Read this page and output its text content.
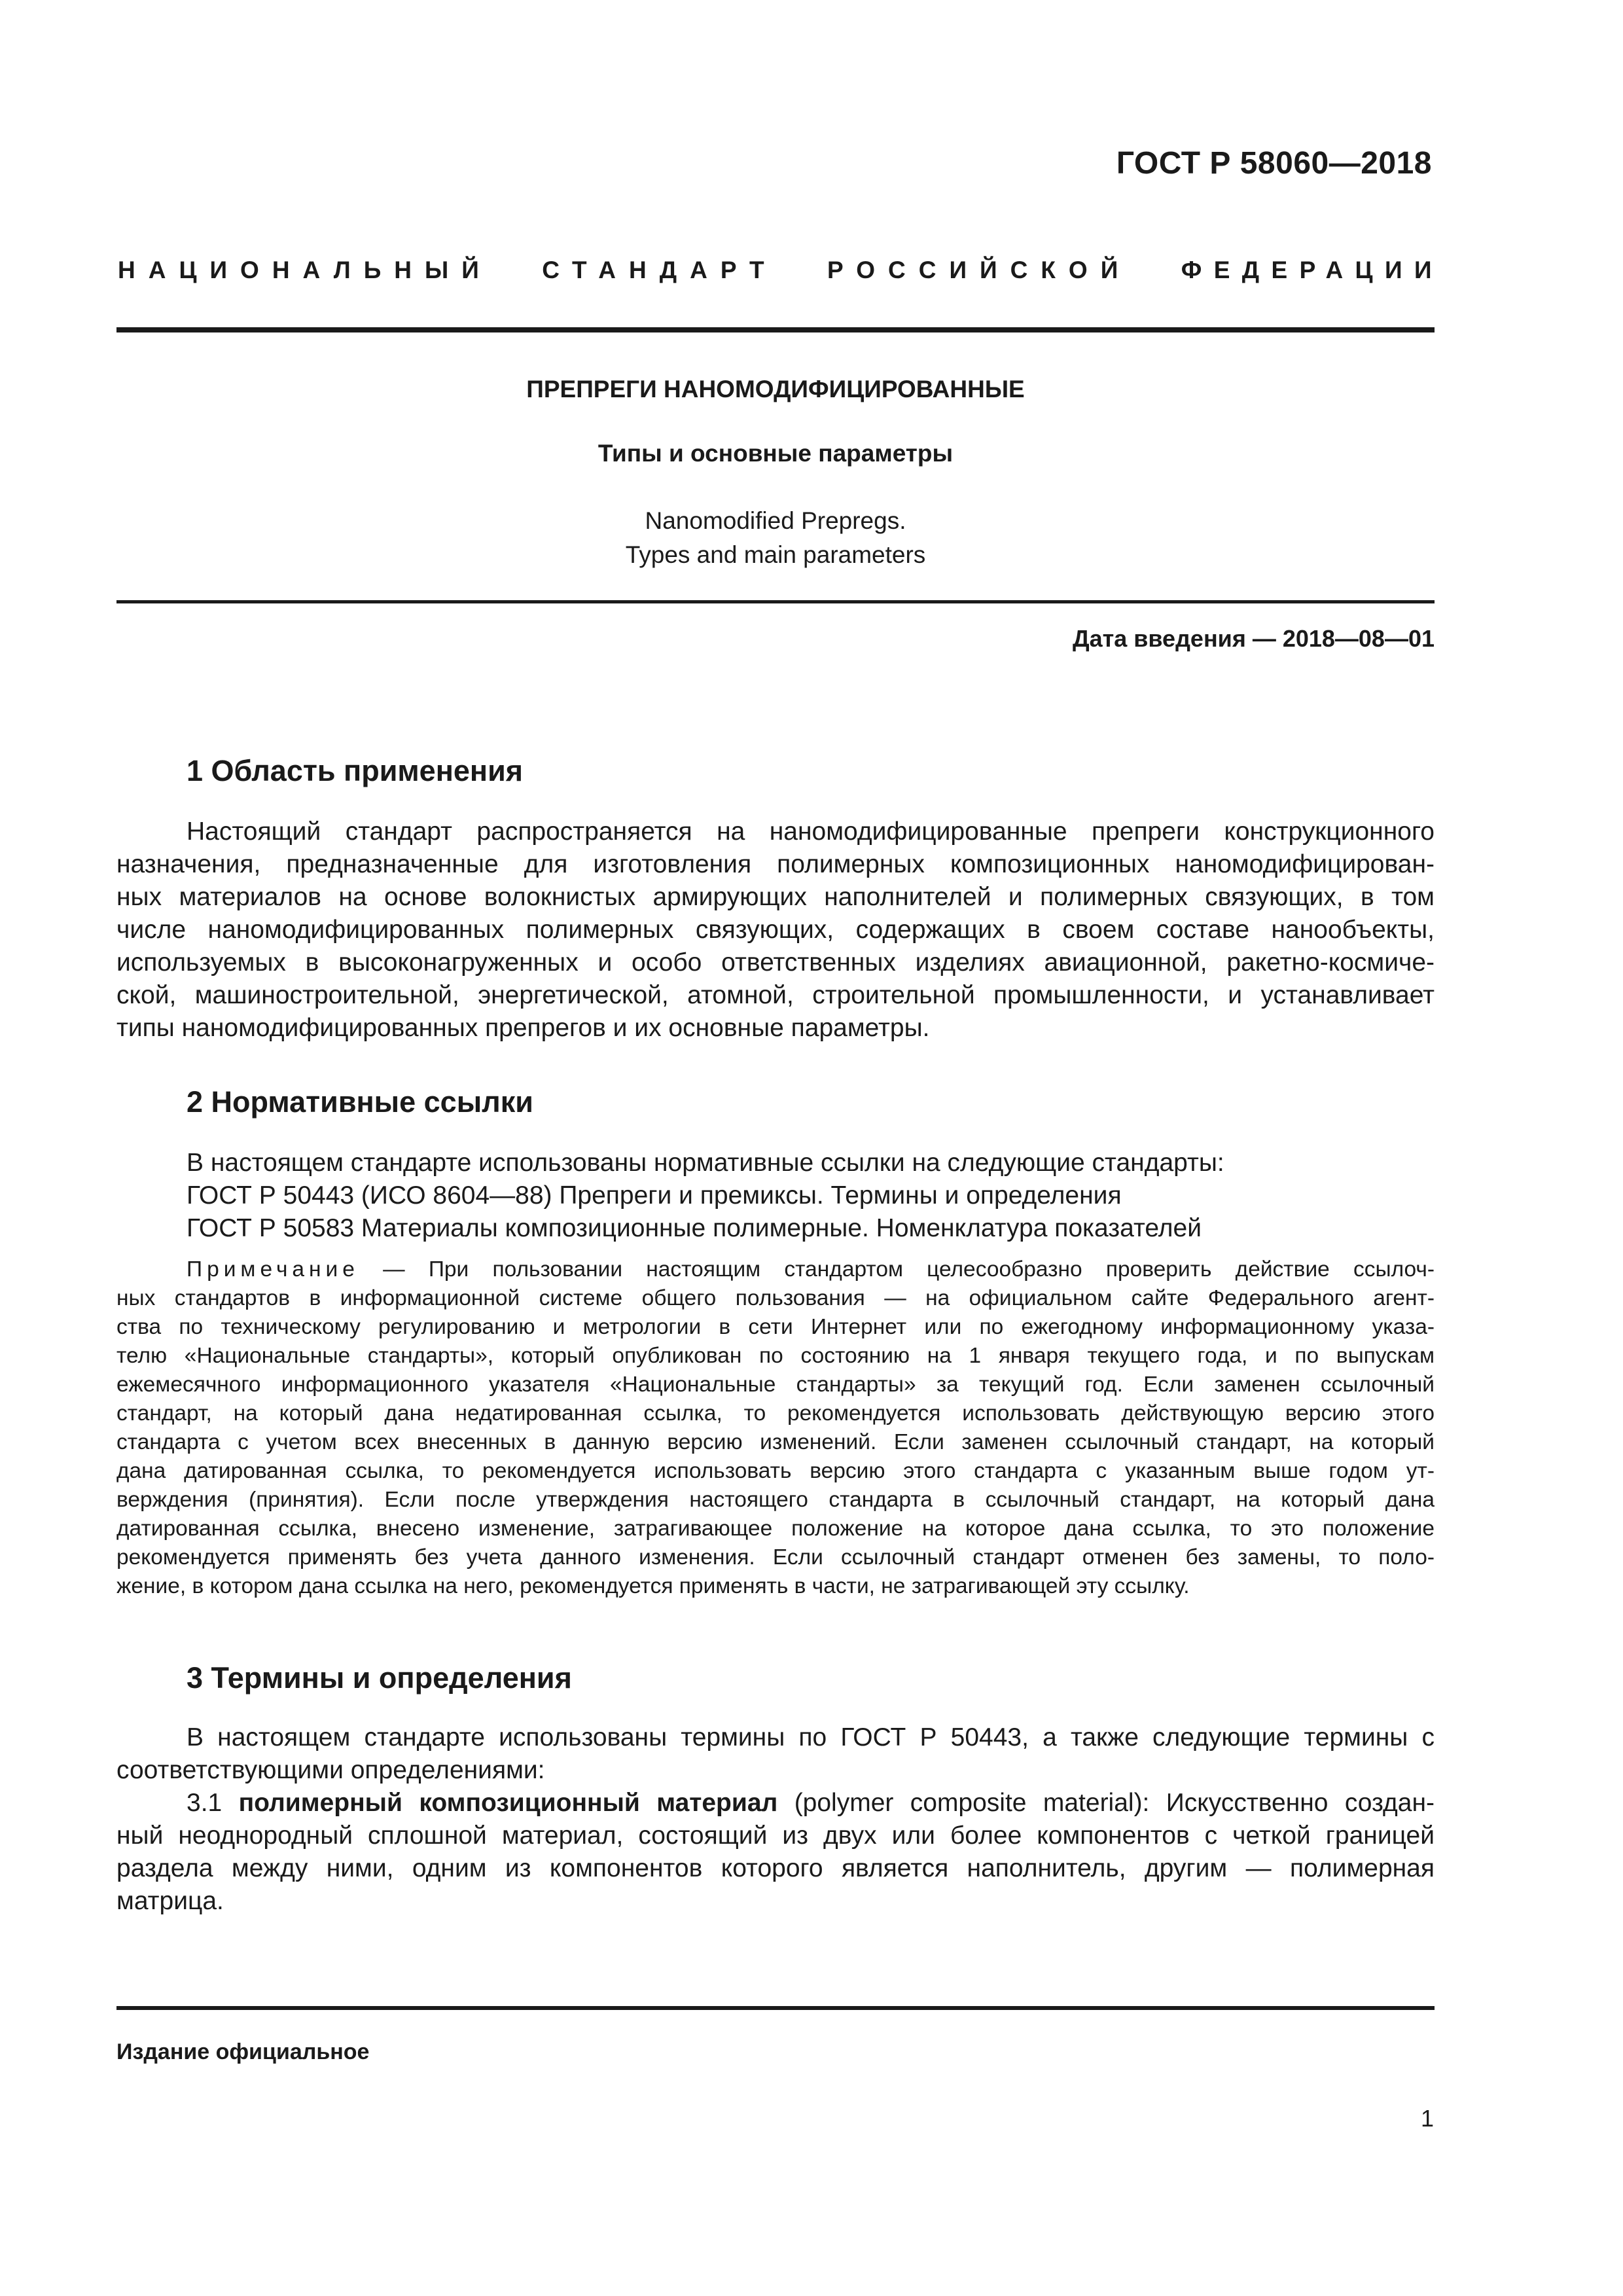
ГОСТ Р 58060—2018
НАЦИОНАЛЬНЫЙ СТАНДАРТ РОССИЙСКОЙ ФЕДЕРАЦИИ
ПРЕПРЕГИ НАНОМОДИФИЦИРОВАННЫЕ
Типы и основные параметры
Nanomodified Prepregs.
Types and main parameters
Дата введения — 2018—08—01
1 Область применения
Настоящий стандарт распространяется на наномодифицированные препреги конструкционного
назначения, предназначенные для изготовления полимерных композиционных наномодифицирован-
ных материалов на основе волокнистых армирующих наполнителей и полимерных связующих, в том
числе наномодифицированных полимерных связующих, содержащих в своем составе нанообъекты,
используемых в высоконагруженных и особо ответственных изделиях авиационной, ракетно-космиче-
ской, машиностроительной, энергетической, атомной, строительной промышленности, и устанавливает
типы наномодифицированных препрегов и их основные параметры.
2 Нормативные ссылки
В настоящем стандарте использованы нормативные ссылки на следующие стандарты:
ГОСТ Р 50443 (ИСО 8604—88) Препреги и премиксы. Термины и определения
ГОСТ Р 50583 Материалы композиционные полимерные. Номенклатура показателей
Примечание — При пользовании настоящим стандартом целесообразно проверить действие ссылоч-
ных стандартов в информационной системе общего пользования — на официальном сайте Федерального агент-
ства по техническому регулированию и метрологии в сети Интернет или по ежегодному информационному указа-
телю «Национальные стандарты», который опубликован по состоянию на 1 января текущего года, и по выпускам
ежемесячного информационного указателя «Национальные стандарты» за текущий год. Если заменен ссылочный
стандарт, на который дана недатированная ссылка, то рекомендуется использовать действующую версию этого
стандарта с учетом всех внесенных в данную версию изменений. Если заменен ссылочный стандарт, на который
дана датированная ссылка, то рекомендуется использовать версию этого стандарта с указанным выше годом ут-
верждения (принятия). Если после утверждения настоящего стандарта в ссылочный стандарт, на который дана
датированная ссылка, внесено изменение, затрагивающее положение на которое дана ссылка, то это положение
рекомендуется применять без учета данного изменения. Если ссылочный стандарт отменен без замены, то поло-
жение, в котором дана ссылка на него, рекомендуется применять в части, не затрагивающей эту ссылку.
3 Термины и определения
В настоящем стандарте использованы термины по ГОСТ Р 50443, а также следующие термины с
соответствующими определениями:
3.1 полимерный композиционный материал (polymer composite material): Искусственно создан-
ный неоднородный сплошной материал, состоящий из двух или более компонентов с четкой границей
раздела между ними, одним из компонентов которого является наполнитель, другим — полимерная
матрица.
Издание официальное
1
